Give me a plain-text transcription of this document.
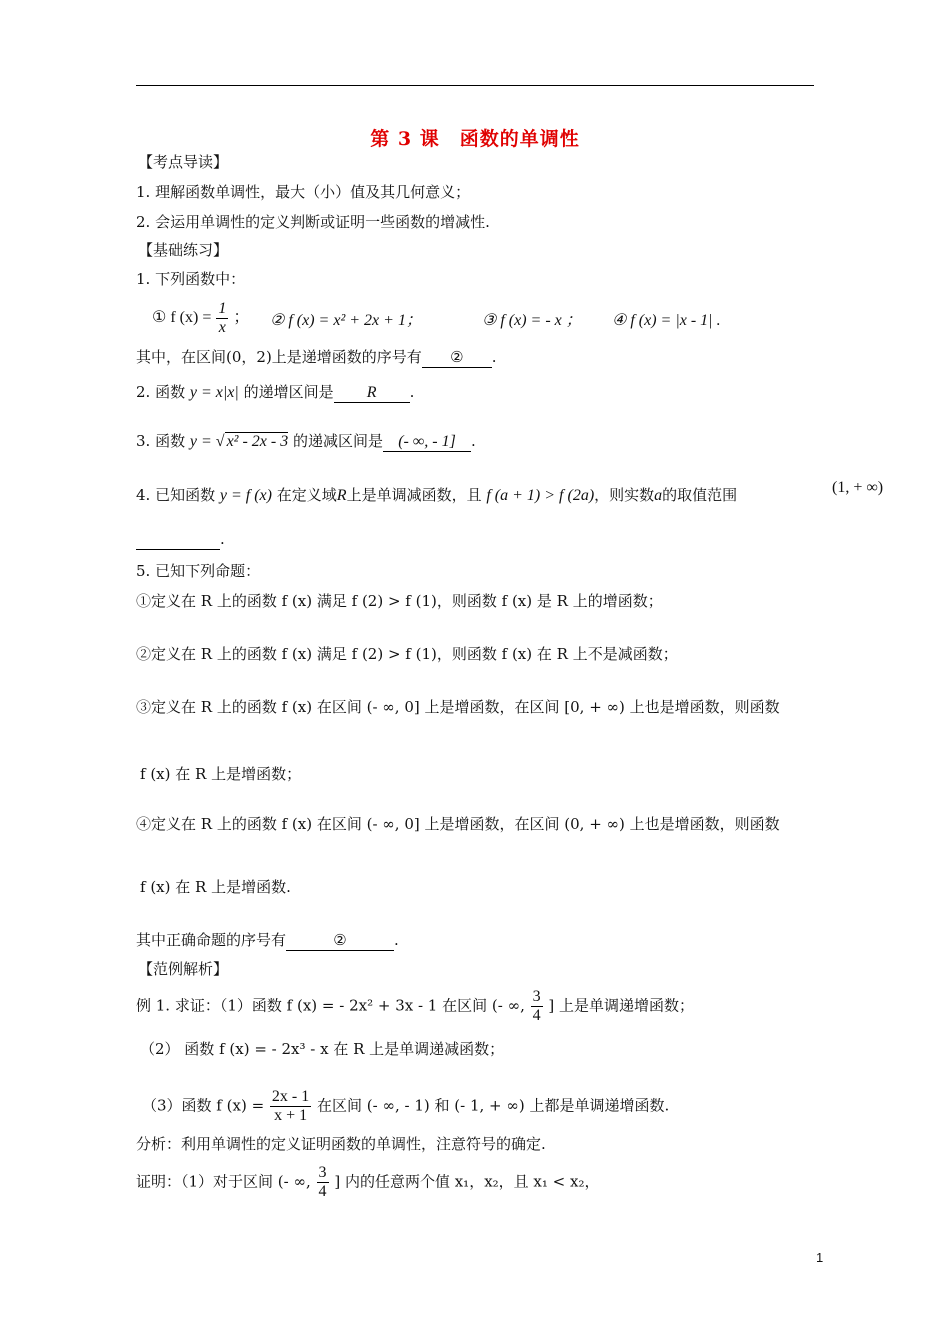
第 3 课　函数的单调性
【考点导读】
1. 理解函数单调性，最大（小）值及其几何意义；
2. 会运用单调性的定义判断或证明一些函数的增减性.
【基础练习】
1. 下列函数中：
① f $(x) = \frac{1}{x}$ ； ② f (x) = x² + 2x + 1；	③ f (x) = - x ； ④ f (x) = |x - 1| .
其中，在区间(0，2)上是递增函数的序号有 ② .
2. 函数 y = x|x| 的递增区间是 R .
3. 函数 y = √ x² - 2x - 3 的递减区间是 (- ∞, - 1] .
4. 已知函数 y = f (x) 在定义域R上是单调减函数，且 f (a + 1) > f (2a)，则实数a的取值范围	(1, + ∞)
.
5. 已知下列命题：
①定义在 R 上的函数 f (x) 满足 f (2) > f (1)，则函数 f (x) 是 R 上的增函数；
②定义在 R 上的函数 f (x) 满足 f (2) > f (1)，则函数 f (x) 在 R 上不是减函数；
③定义在 R 上的函数 f (x) 在区间 (- ∞, 0] 上是增函数，在区间 [0, + ∞) 上也是增函数，则函数
f (x) 在 R 上是增函数；
④定义在 R 上的函数 f (x) 在区间 (- ∞, 0] 上是增函数，在区间 (0, + ∞) 上也是增函数，则函数
f (x) 在 R 上是增函数.
其中正确命题的序号有	②	.
【范例解析】
例 1. 求证：（1）函数 f (x) = - 2x² + 3x - 1 在区间 (- ∞, $\frac{3}{4}$ ] 上是单调递增函数；
（2） 函数 f (x) = - 2x³ - x 在 R 上是单调递减函数；
（3）函数 f $(x) = \frac{2x - 1}{x + 1}$ 在区间 (- ∞, - 1) 和 (- 1, + ∞) 上都是单调递增函数.
分析：利用单调性的定义证明函数的单调性，注意符号的确定.
证明：（1）对于区间 (- ∞, $\frac{3}{4}$ ] 内的任意两个值 x₁，x₂，且 x₁ < x₂，
1
